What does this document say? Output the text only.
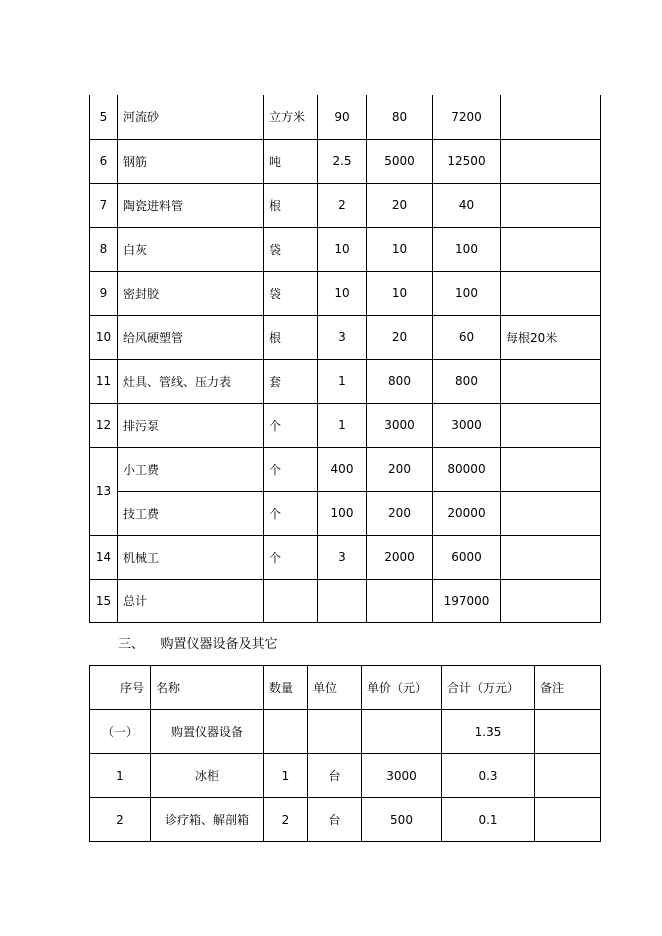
5	河流砂	立方米	90	80	7200	
6	钢筋	吨	2.5	5000	12500	
7	陶瓷进料管	根	2	20	40	
8	白灰	袋	10	10	100	
9	密封胶	袋	10	10	100	
10	给风硬塑管	根	3	20	60	每根20米
11	灶具、管线、压力表	套	1	800	800	
12	排污泵	个	1	3000	3000	
13	小工费	个	400	200	80000	
	技工费	个	100	200	20000	
14	机械工	个	3	2000	6000	
15	总计				197000	
三、    购置仪器设备及其它
序号	名称	数量	单位	单价（元）	合计（万元）	备注
（一）	购置仪器设备				1.35	
1	冰柜	1	台	3000	0.3	
2	诊疗箱、解剖箱	2	台	500	0.1	
